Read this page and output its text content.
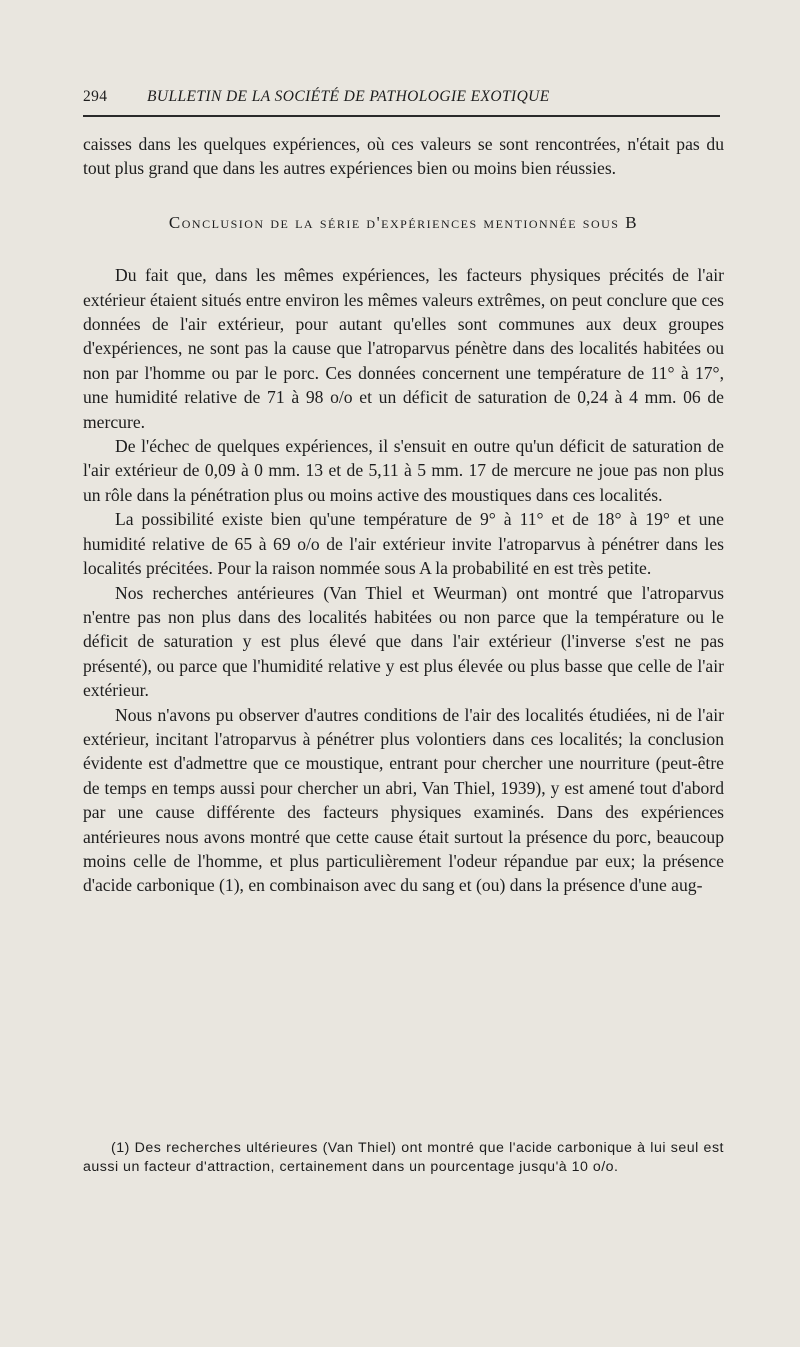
294	BULLETIN DE LA SOCIÉTÉ DE PATHOLOGIE EXOTIQUE

caisses dans les quelques expériences, où ces valeurs se sont rencontrées, n'était pas du tout plus grand que dans les autres expériences bien ou moins bien réussies.

Conclusion de la série d'expériences mentionnée sous B

Du fait que, dans les mêmes expériences, les facteurs physiques précités de l'air extérieur étaient situés entre environ les mêmes valeurs extrêmes, on peut conclure que ces données de l'air extérieur, pour autant qu'elles sont communes aux deux groupes d'expériences, ne sont pas la cause que l'atroparvus pénètre dans des localités habitées ou non par l'homme ou par le porc. Ces données concernent une température de 11° à 17°, une humidité relative de 71 à 98 o/o et un déficit de saturation de 0,24 à 4 mm. 06 de mercure.

De l'échec de quelques expériences, il s'ensuit en outre qu'un déficit de saturation de l'air extérieur de 0,09 à 0 mm. 13 et de 5,11 à 5 mm. 17 de mercure ne joue pas non plus un rôle dans la pénétration plus ou moins active des moustiques dans ces localités.

La possibilité existe bien qu'une température de 9° à 11° et de 18° à 19° et une humidité relative de 65 à 69 o/o de l'air extérieur invite l'atroparvus à pénétrer dans les localités précitées. Pour la raison nommée sous A la probabilité en est très petite.

Nos recherches antérieures (Van Thiel et Weurman) ont montré que l'atroparvus n'entre pas non plus dans des localités habitées ou non parce que la température ou le déficit de saturation y est plus élevé que dans l'air extérieur (l'inverse s'est ne pas présenté), ou parce que l'humidité relative y est plus élevée ou plus basse que celle de l'air extérieur.

Nous n'avons pu observer d'autres conditions de l'air des localités étudiées, ni de l'air extérieur, incitant l'atroparvus à pénétrer plus volontiers dans ces localités; la conclusion évidente est d'admettre que ce moustique, entrant pour chercher une nourriture (peut-être de temps en temps aussi pour chercher un abri, Van Thiel, 1939), y est amené tout d'abord par une cause différente des facteurs physiques examinés. Dans des expériences antérieures nous avons montré que cette cause était surtout la présence du porc, beaucoup moins celle de l'homme, et plus particulièrement l'odeur répandue par eux; la présence d'acide carbonique (1), en combinaison avec du sang et (ou) dans la présence d'une aug-

(1) Des recherches ultérieures (Van Thiel) ont montré que l'acide carbonique à lui seul est aussi un facteur d'attraction, certainement dans un pourcentage jusqu'à 10 o/o.
